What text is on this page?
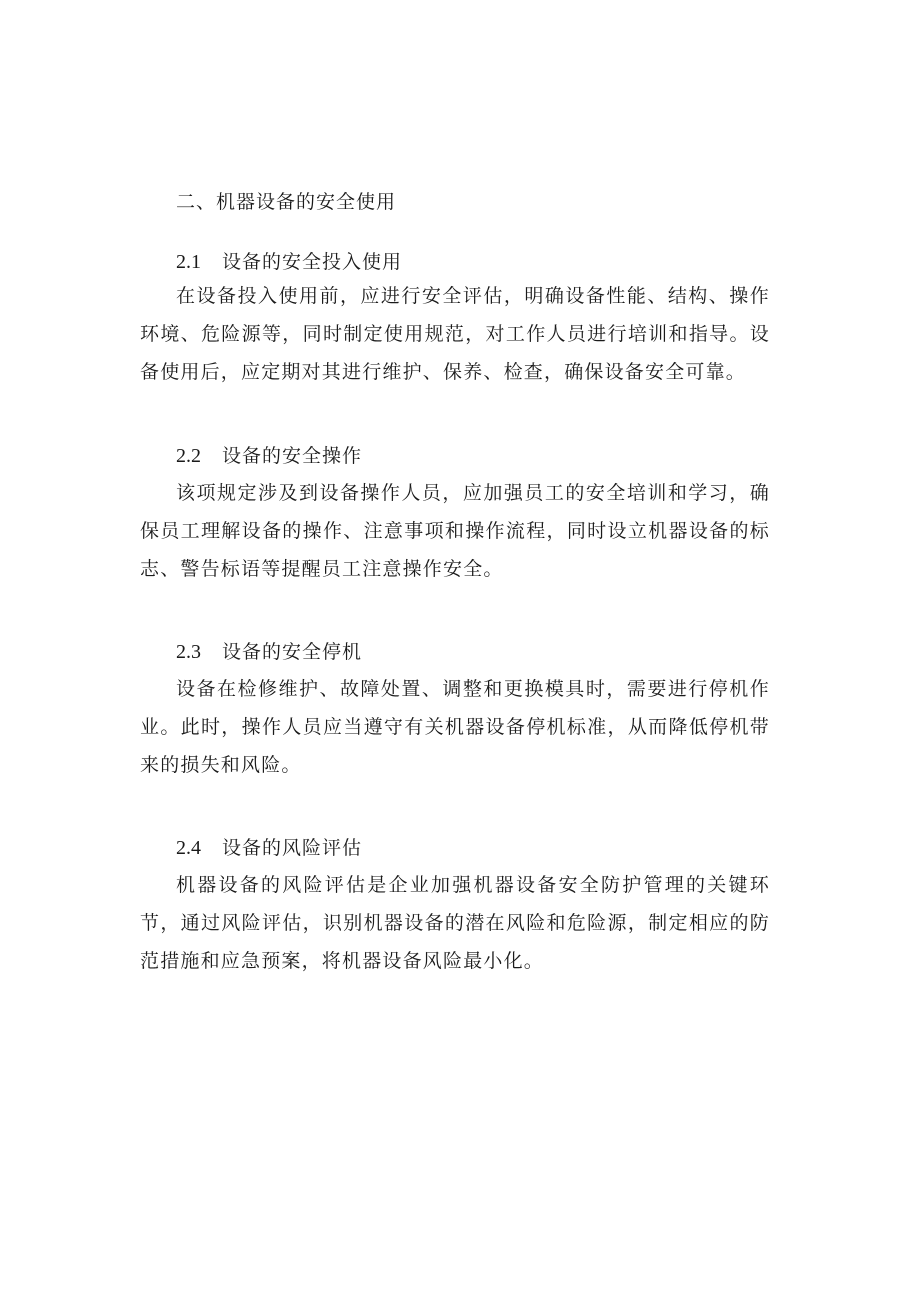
二、机器设备的安全使用
2.1 设备的安全投入使用

在设备投入使用前，应进行安全评估，明确设备性能、结构、操作环境、危险源等，同时制定使用规范，对工作人员进行培训和指导。设备使用后，应定期对其进行维护、保养、检查，确保设备安全可靠。

2.2 设备的安全操作

该项规定涉及到设备操作人员，应加强员工的安全培训和学习，确保员工理解设备的操作、注意事项和操作流程，同时设立机器设备的标志、警告标语等提醒员工注意操作安全。

2.3 设备的安全停机

设备在检修维护、故障处置、调整和更换模具时，需要进行停机作业。此时，操作人员应当遵守有关机器设备停机标准，从而降低停机带来的损失和风险。

2.4 设备的风险评估

机器设备的风险评估是企业加强机器设备安全防护管理的关键环节，通过风险评估，识别机器设备的潜在风险和危险源，制定相应的防范措施和应急预案，将机器设备风险最小化。
